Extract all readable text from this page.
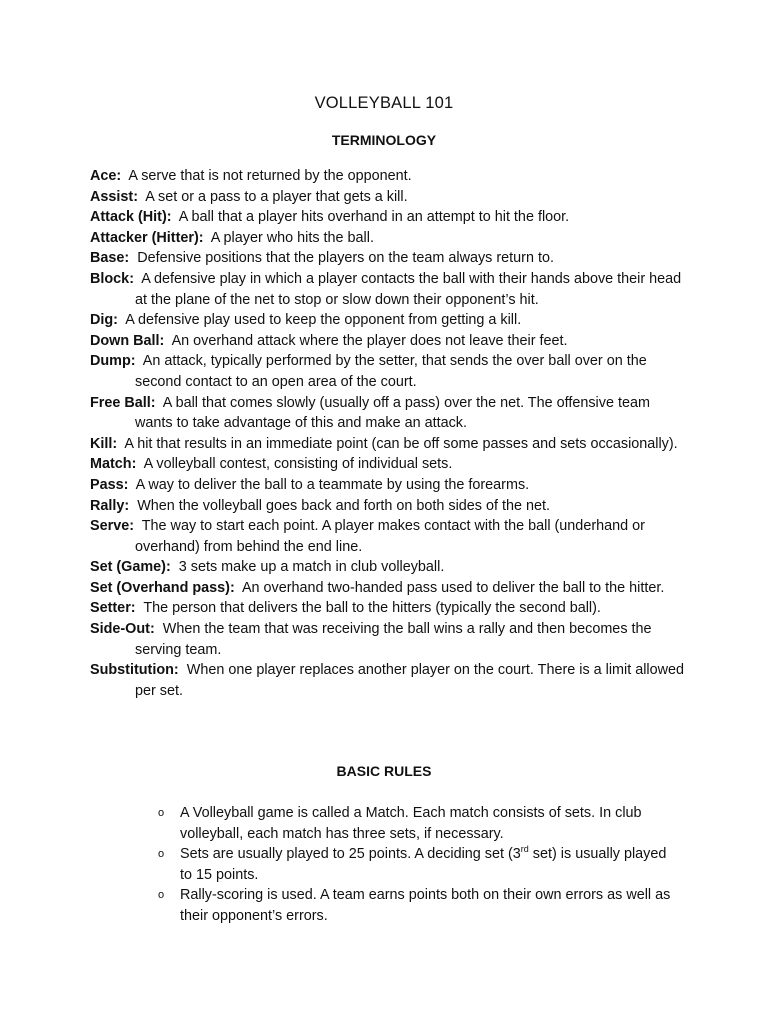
VOLLEYBALL 101
TERMINOLOGY

Ace: A serve that is not returned by the opponent.

Assist: A set or a pass to a player that gets a kill.

Attack (Hit): A ball that a player hits overhand in an attempt to hit the floor.

Attacker (Hitter): A player who hits the ball.

Base: Defensive positions that the players on the team always return to.

Block: A defensive play in which a player contacts the ball with their hands above their head at the plane of the net to stop or slow down their opponent’s hit.

Dig: A defensive play used to keep the opponent from getting a kill.

Down Ball: An overhand attack where the player does not leave their feet.

Dump: An attack, typically performed by the setter, that sends the over ball over on the second contact to an open area of the court.

Free Ball: A ball that comes slowly (usually off a pass) over the net. The offensive team wants to take advantage of this and make an attack.

Kill: A hit that results in an immediate point (can be off some passes and sets occasionally).

Match: A volleyball contest, consisting of individual sets.

Pass: A way to deliver the ball to a teammate by using the forearms.

Rally: When the volleyball goes back and forth on both sides of the net.

Serve: The way to start each point. A player makes contact with the ball (underhand or overhand) from behind the end line.

Set (Game): 3 sets make up a match in club volleyball.

Set (Overhand pass): An overhand two-handed pass used to deliver the ball to the hitter.

Setter: The person that delivers the ball to the hitters (typically the second ball).

Side-Out: When the team that was receiving the ball wins a rally and then becomes the serving team.

Substitution: When one player replaces another player on the court. There is a limit allowed per set.

BASIC RULES
o A Volleyball game is called a Match. Each match consists of sets. In club volleyball, each match has three sets, if necessary.
o Sets are usually played to 25 points. A deciding set (3rd set) is usually played to 15 points.
o Rally-scoring is used. A team earns points both on their own errors as well as their opponent’s errors.
